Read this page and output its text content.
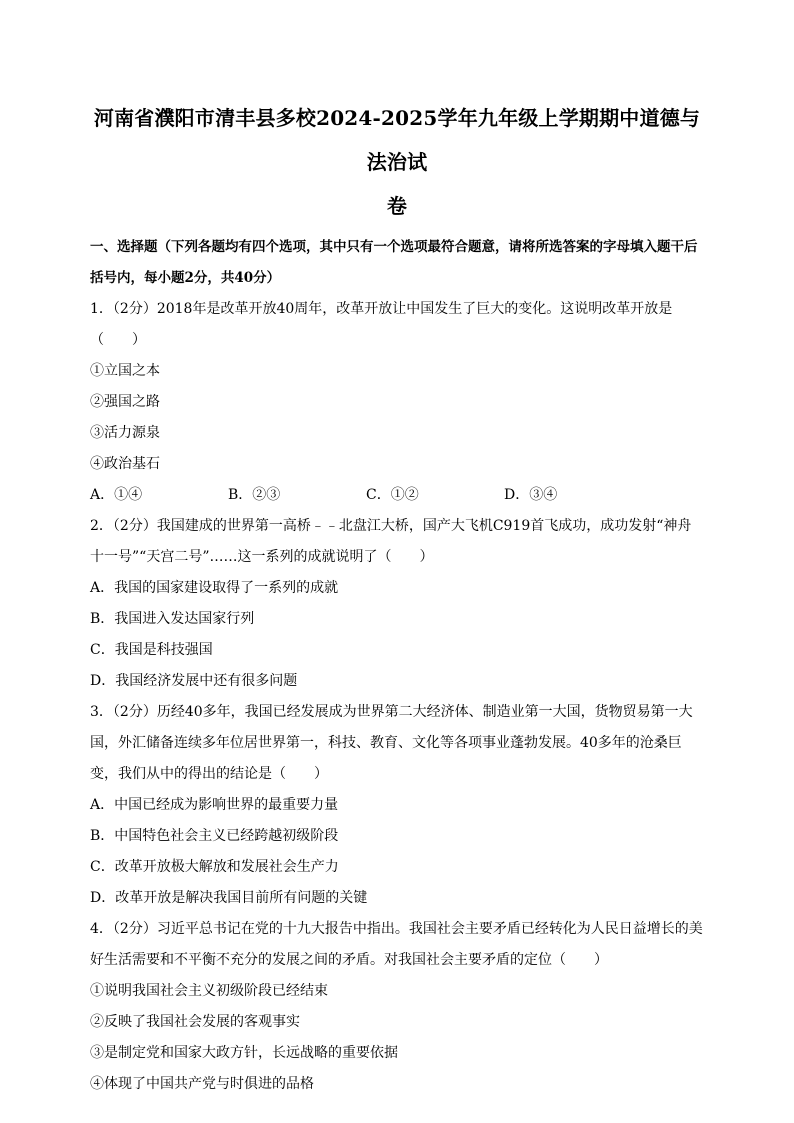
河南省濮阳市清丰县多校2024-2025学年九年级上学期期中道德与法治试
卷
一、选择题（下列各题均有四个选项，其中只有一个选项最符合题意，请将所选答案的字母填入题干后括号内，每小题2分，共40分）

1．（2分）2018年是改革开放40周年，改革开放让中国发生了巨大的变化。这说明改革开放是（　　）

①立国之本

②强国之路

③活力源泉

④政治基石

A．①④	B．②③	C．①②	D．③④

2．（2分）我国建成的世界第一高桥﹣﹣北盘江大桥，国产大飞机C919首飞成功，成功发射“神舟十一号”“天宫二号”……这一系列的成就说明了（　　）

A．我国的国家建设取得了一系列的成就

B．我国进入发达国家行列

C．我国是科技强国

D．我国经济发展中还有很多问题

3．（2分）历经40多年，我国已经发展成为世界第二大经济体、制造业第一大国，货物贸易第一大国，外汇储备连续多年位居世界第一，科技、教育、文化等各项事业蓬勃发展。40多年的沧桑巨变，我们从中的得出的结论是（　　）

A．中国已经成为影响世界的最重要力量

B．中国特色社会主义已经跨越初级阶段

C．改革开放极大解放和发展社会生产力

D．改革开放是解决我国目前所有问题的关键

4．（2分）习近平总书记在党的十九大报告中指出。我国社会主要矛盾已经转化为人民日益增长的美好生活需要和不平衡不充分的发展之间的矛盾。对我国社会主要矛盾的定位（　　）

①说明我国社会主义初级阶段已经结束

②反映了我国社会发展的客观事实

③是制定党和国家大政方针，长远战略的重要依据

④体现了中国共产党与时俱进的品格
